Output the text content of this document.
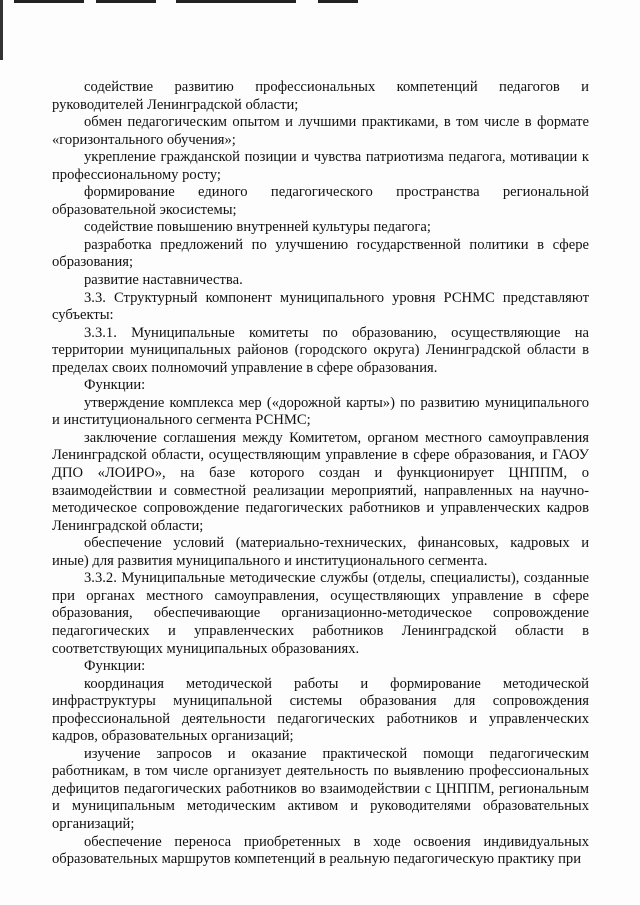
содействие развитию профессиональных компетенций педагогов и руководителей Ленинградской области;

обмен педагогическим опытом и лучшими практиками, в том числе в формате «горизонтального обучения»;

укрепление гражданской позиции и чувства патриотизма педагога, мотивации к профессиональному росту;

формирование единого педагогического пространства региональной образовательной экосистемы;

содействие повышению внутренней культуры педагога;

разработка предложений по улучшению государственной политики в сфере образования;

развитие наставничества.

3.3. Структурный компонент муниципального уровня РСНМС представляют субъекты:

3.3.1. Муниципальные комитеты по образованию, осуществляющие на территории муниципальных районов (городского округа) Ленинградской области в пределах своих полномочий управление в сфере образования.

Функции:

утверждение комплекса мер («дорожной карты») по развитию муниципального и институционального сегмента РСНМС;

заключение соглашения между Комитетом, органом местного самоуправления Ленинградской области, осуществляющим управление в сфере образования, и ГАОУ ДПО «ЛОИРО», на базе которого создан и функционирует ЦНППМ, о взаимодействии и совместной реализации мероприятий, направленных на научно-методическое сопровождение педагогических работников и управленческих кадров Ленинградской области;

обеспечение условий (материально-технических, финансовых, кадровых и иные) для развития муниципального и институционального сегмента.

3.3.2. Муниципальные методические службы (отделы, специалисты), созданные при органах местного самоуправления, осуществляющих управление в сфере образования, обеспечивающие организационно-методическое сопровождение педагогических и управленческих работников Ленинградской области в соответствующих муниципальных образованиях.

Функции:

координация методической работы и формирование методической инфраструктуры муниципальной системы образования для сопровождения профессиональной деятельности педагогических работников и управленческих кадров, образовательных организаций;

изучение запросов и оказание практической помощи педагогическим работникам, в том числе организует деятельность по выявлению профессиональных дефицитов педагогических работников во взаимодействии с ЦНППМ, региональным и муниципальным методическим активом и руководителями образовательных организаций;

обеспечение переноса приобретенных в ходе освоения индивидуальных образовательных маршрутов компетенций в реальную педагогическую практику при
